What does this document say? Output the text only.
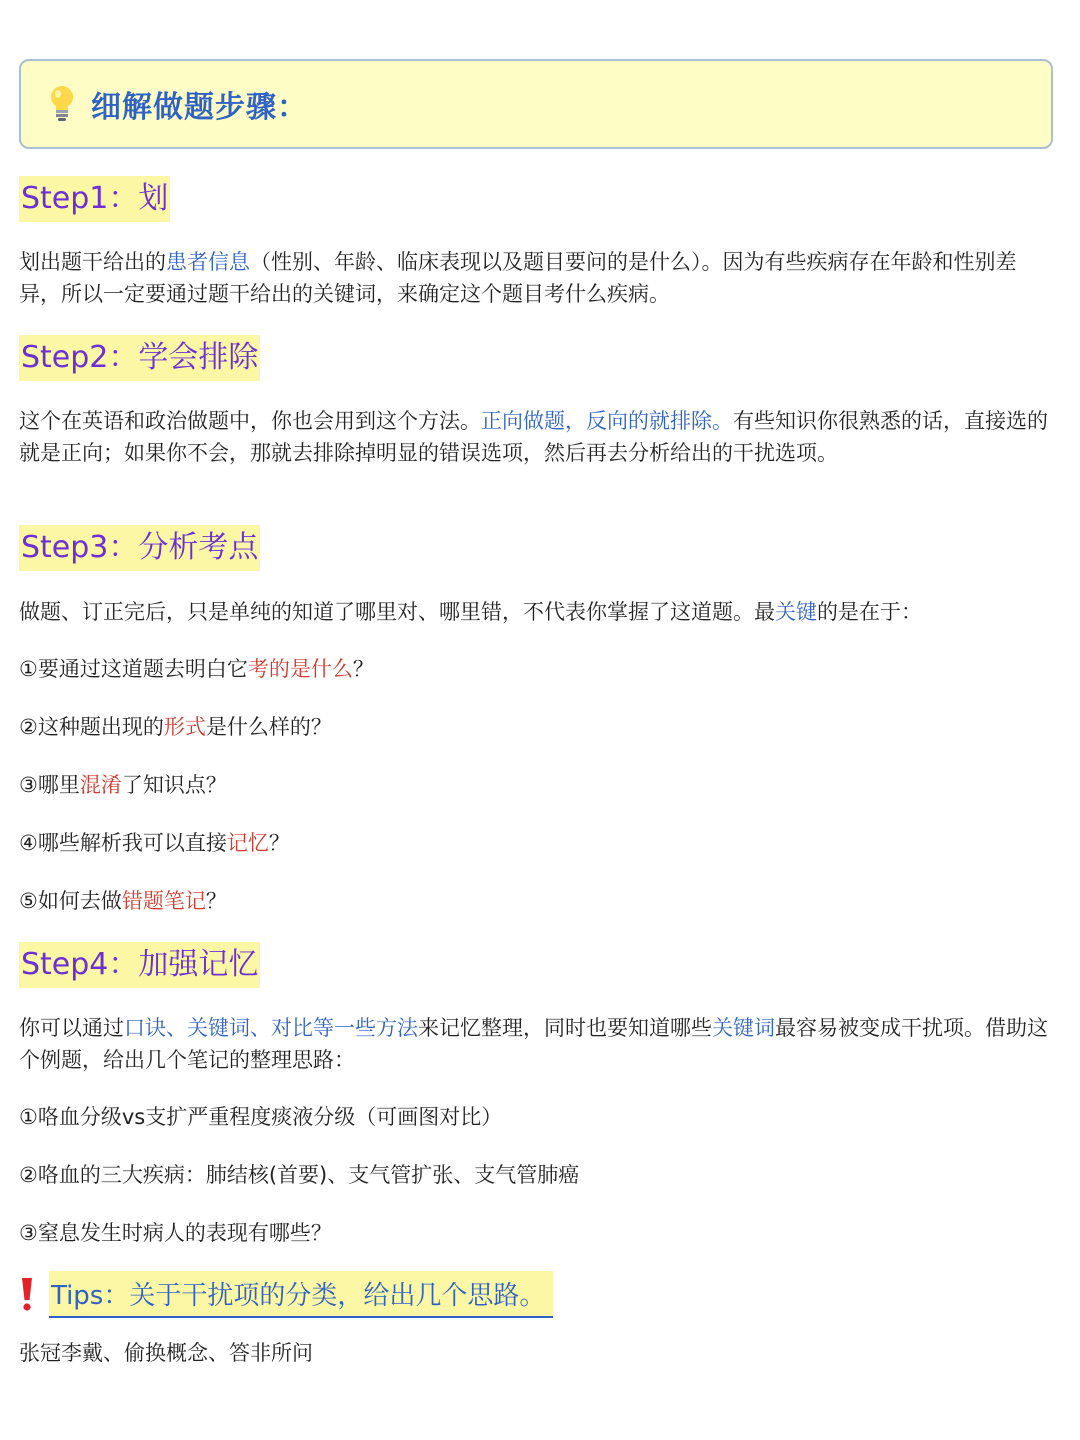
细解做题步骤：
Step1：划

划出题干给出的患者信息（性别、年龄、临床表现以及题目要问的是什么）。因为有些疾病存在年龄和性别差异，所以一定要通过题干给出的关键词，来确定这个题目考什么疾病。

Step2：学会排除

这个在英语和政治做题中，你也会用到这个方法。正向做题，反向的就排除。有些知识你很熟悉的话，直接选的就是正向；如果你不会，那就去排除掉明显的错误选项，然后再去分析给出的干扰选项。

Step3：分析考点

做题、订正完后，只是单纯的知道了哪里对、哪里错，不代表你掌握了这道题。最关键的是在于：

①要通过这道题去明白它考的是什么？

②这种题出现的形式是什么样的？

③哪里混淆了知识点？

④哪些解析我可以直接记忆？

⑤如何去做错题笔记？

Step4：加强记忆

你可以通过口诀、关键词、对比等一些方法来记忆整理，同时也要知道哪些关键词最容易被变成干扰项。借助这个例题，给出几个笔记的整理思路：

①咯血分级vs支扩严重程度痰液分级（可画图对比）

②咯血的三大疾病：肺结核(首要)、支气管扩张、支气管肺癌

③窒息发生时病人的表现有哪些？

Tips：关于干扰项的分类，给出几个思路。

张冠李戴、偷换概念、答非所问
